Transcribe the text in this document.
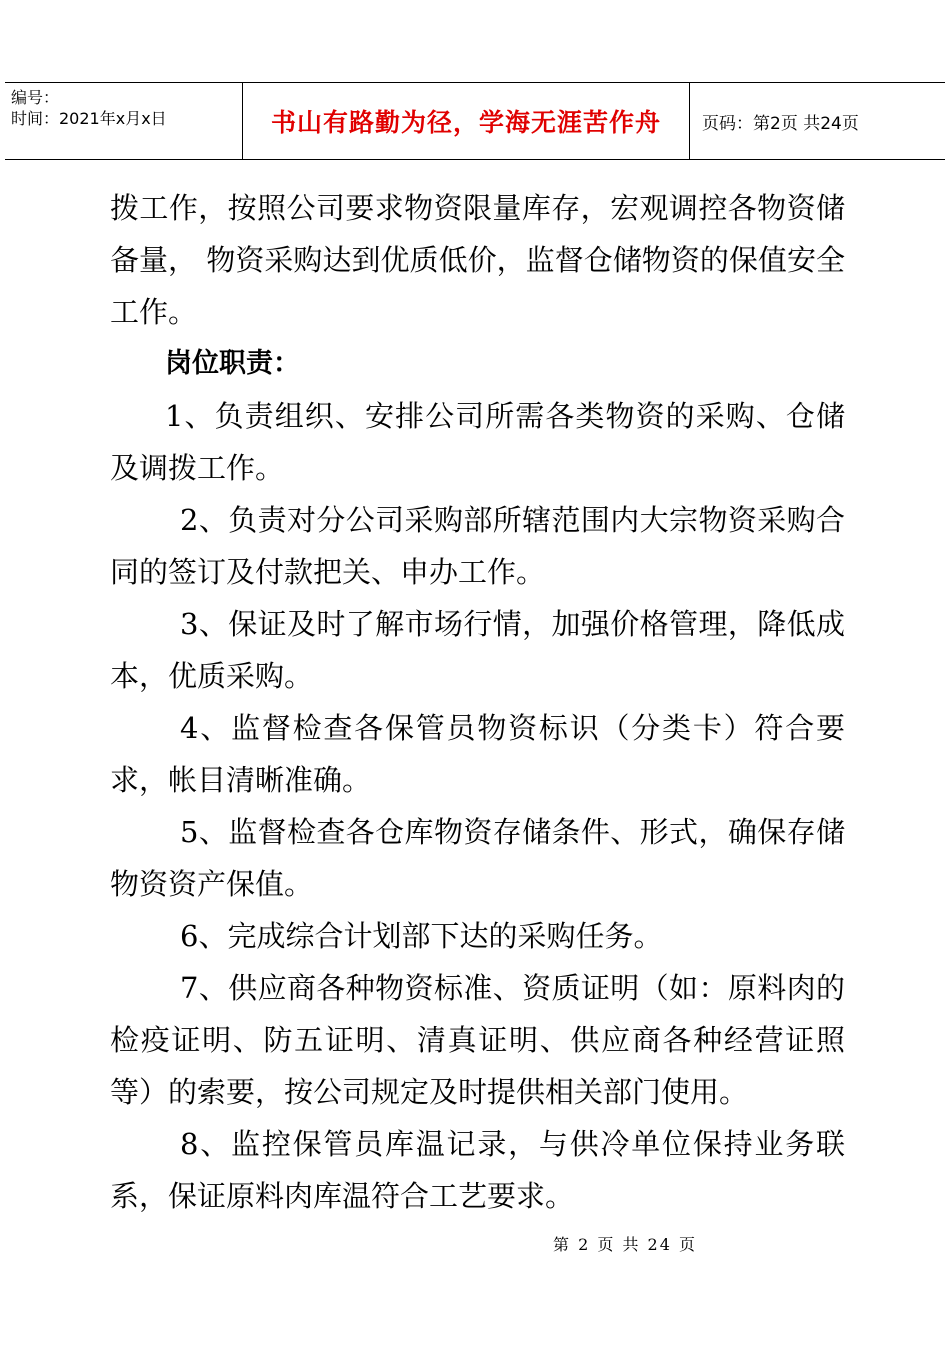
编号：
时间：2021年x月x日	书山有路勤为径，学海无涯苦作舟 页码：第2页 共24页

拨工作，按照公司要求物资限量库存，宏观调控各物资储备量， 物资采购达到优质低价，监督仓储物资的保值安全工作。

岗位职责：

1、负责组织、安排公司所需各类物资的采购、仓储及调拨工作。

2、负责对分公司采购部所辖范围内大宗物资采购合同的签订及付款把关、申办工作。

3、保证及时了解市场行情，加强价格管理，降低成本，优质采购。

4、监督检查各保管员物资标识（分类卡）符合要求，帐目清晰准确。

5、监督检查各仓库物资存储条件、形式，确保存储物资资产保值。

6、完成综合计划部下达的采购任务。

7、供应商各种物资标准、资质证明（如：原料肉的检疫证明、防五证明、清真证明、供应商各种经营证照等）的索要，按公司规定及时提供相关部门使用。

8、监控保管员库温记录，与供冷单位保持业务联系，保证原料肉库温符合工艺要求。

第 2 页 共 24 页
